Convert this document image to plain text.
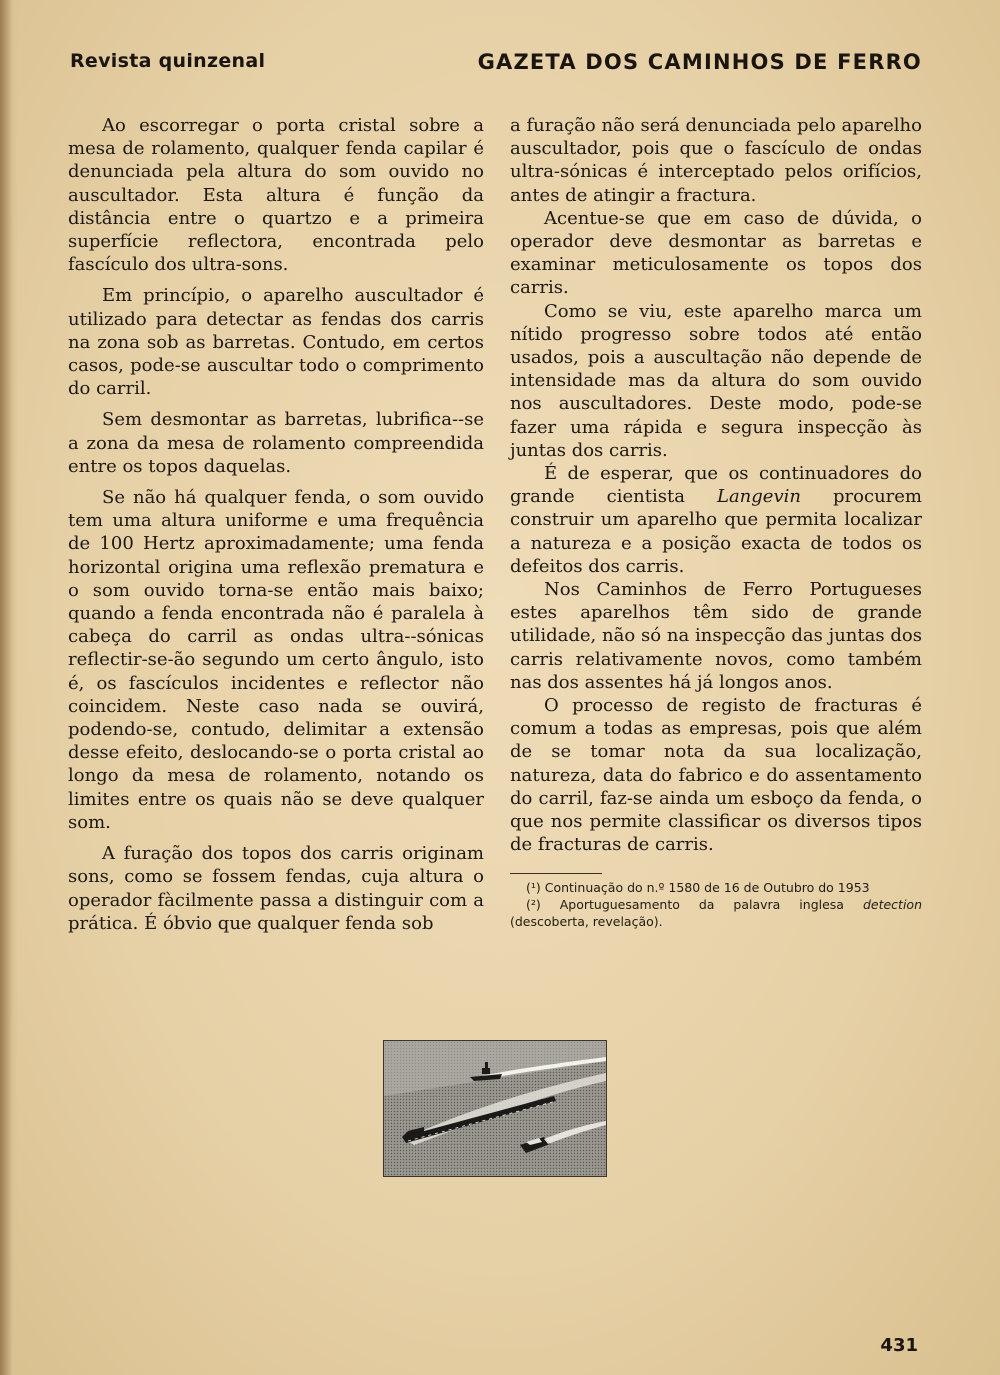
Revista quinzenal	GAZETA DOS CAMINHOS DE FERRO

Ao escorregar o porta cristal sobre a mesa de rolamento, qualquer fenda capilar é denunciada pela altura do som ouvido no auscultador. Esta altura é função da distância entre o quartzo e a primeira superfície reflectora, encontrada pelo fascículo dos ultra-sons.

Em princípio, o aparelho auscultador é utilizado para detectar as fendas dos carris na zona sob as barretas. Contudo, em certos casos, pode-se auscultar todo o comprimento do carril.

Sem desmontar as barretas, lubrifica--se a zona da mesa de rolamento compreendida entre os topos daquelas.

Se não há qualquer fenda, o som ouvido tem uma altura uniforme e uma frequência de 100 Hertz aproximadamente; uma fenda horizontal origina uma reflexão prematura e o som ouvido torna-se então mais baixo; quando a fenda encontrada não é paralela à cabeça do carril as ondas ultra--sónicas reflectir-se-ão segundo um certo ângulo, isto é, os fascículos incidentes e reflector não coincidem. Neste caso nada se ouvirá, podendo-se, contudo, delimitar a extensão desse efeito, deslocando-se o porta cristal ao longo da mesa de rolamento, notando os limites entre os quais não se deve qualquer som.

A furação dos topos dos carris originam sons, como se fossem fendas, cuja altura o operador fàcilmente passa a distinguir com a prática. É óbvio que qualquer fenda sob

a furação não será denunciada pelo aparelho auscultador, pois que o fascículo de ondas ultra-sónicas é interceptado pelos orifícios, antes de atingir a fractura.

Acentue-se que em caso de dúvida, o operador deve desmontar as barretas e examinar meticulosamente os topos dos carris.

Como se viu, este aparelho marca um nítido progresso sobre todos até então usados, pois a auscultação não depende de intensidade mas da altura do som ouvido nos auscultadores. Deste modo, pode-se fazer uma rápida e segura inspecção às juntas dos carris.

É de esperar, que os continuadores do grande cientista Langevin procurem construir um aparelho que permita localizar a natureza e a posição exacta de todos os defeitos dos carris.

Nos Caminhos de Ferro Portugueses estes aparelhos têm sido de grande utilidade, não só na inspecção das juntas dos carris relativamente novos, como também nas dos assentes há já longos anos.

O processo de registo de fracturas é comum a todas as empresas, pois que além de se tomar nota da sua localização, natureza, data do fabrico e do assentamento do carril, faz-se ainda um esboço da fenda, o que nos permite classificar os diversos tipos de fracturas de carris.

(¹) Continuação do n.º 1580 de 16 de Outubro do 1953

(²) Aportuguesamento da palavra inglesa detection (descoberta, revelação).

431
